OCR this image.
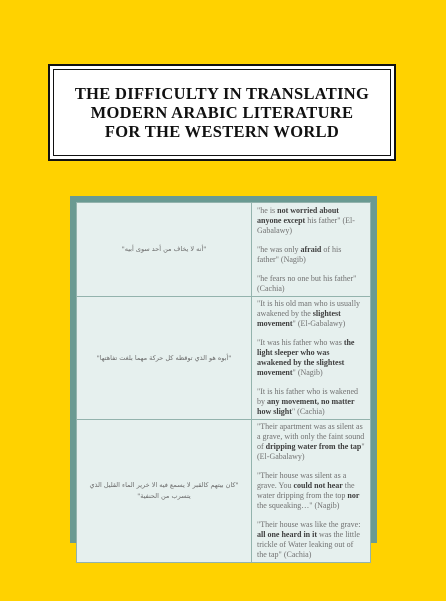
THE DIFFICULTY IN TRANSLATING
MODERN ARABIC LITERATURE
FOR THE WESTERN WORLD
"أنه لا يخاف من أحد سوى أبيه"	"he is not worried about anyone except his father" (El-Gabalawy)

"he was only afraid of his father" (Nagib)

"he fears no one but his father" (Cachia)

"أبوه هو الذي توقظه كل حركة مهما بلغت تفاهتها"	"It is his old man who is usually awakened by the slightest movement" (El-Gabalawy)

"It was his father who was the light sleeper who was awakened by the slightest movement" (Nagib)

"It is his father who is wakened by any movement, no matter how slight" (Cachia)

"كان بيتهم كالقبر لا يسمع فيه الا خرير الماء القليل الذي يتسرب من الحنفية"	"Their apartment was as silent as a grave, with only the faint sound of dripping water from the tap" (El-Gabalawy)

"Their house was silent as a grave. You could not hear the water dripping from the top nor the squeaking…" (Nagib)

"Their house was like the grave: all one heard in it was the little trickle of Water leaking out of the tap" (Cachia)
